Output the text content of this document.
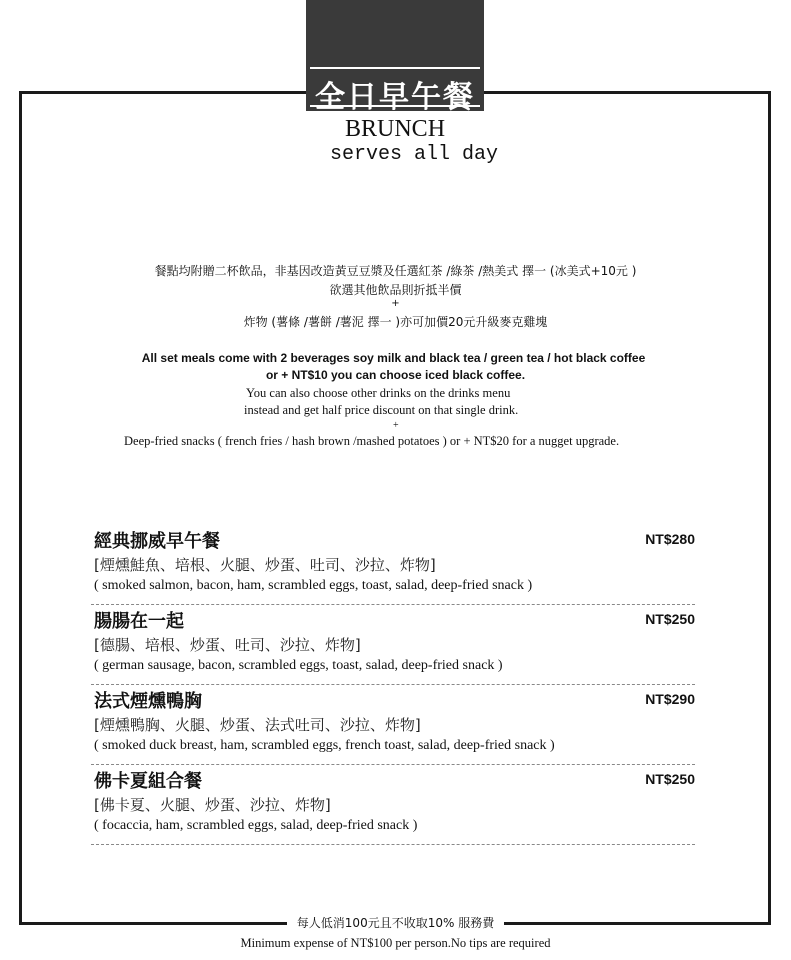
全日早午餐
BRUNCH
serves all day
餐點均附贈二杯飲品，非基因改造黃豆豆漿及任選紅茶 /綠茶 /熱美式 擇一 (冰美式+10元 )
欲選其他飲品則折抵半價
+
炸物 (薯條 /薯餅 /薯泥 擇一 )亦可加價20元升級麥克雞塊
All set meals come with 2 beverages soy milk and black tea / green tea / hot black coffee
or + NT$10 you can choose iced black coffee.
You can also choose other drinks on the drinks menu
instead and get half price discount on that single drink.
+
Deep-fried snacks ( french fries / hash brown /mashed potatoes ) or + NT$20 for a nugget upgrade.
經典挪威早午餐	NT$280
[煙燻鮭魚、培根、火腿、炒蛋、吐司、沙拉、炸物]
( smoked salmon, bacon, ham, scrambled eggs, toast, salad, deep-fried snack )
腸腸在一起	NT$250
[德腸、培根、炒蛋、吐司、沙拉、炸物]
( german sausage, bacon, scrambled eggs, toast, salad, deep-fried snack )
法式煙燻鴨胸	NT$290
[煙燻鴨胸、火腿、炒蛋、法式吐司、沙拉、炸物]
( smoked duck breast, ham, scrambled eggs, french toast, salad, deep-fried snack )
佛卡夏組合餐	NT$250
[佛卡夏、火腿、炒蛋、沙拉、炸物]
( focaccia, ham, scrambled eggs, salad, deep-fried snack )
每人低消100元且不收取10% 服務費
Minimum expense of NT$100 per person.No tips are required
